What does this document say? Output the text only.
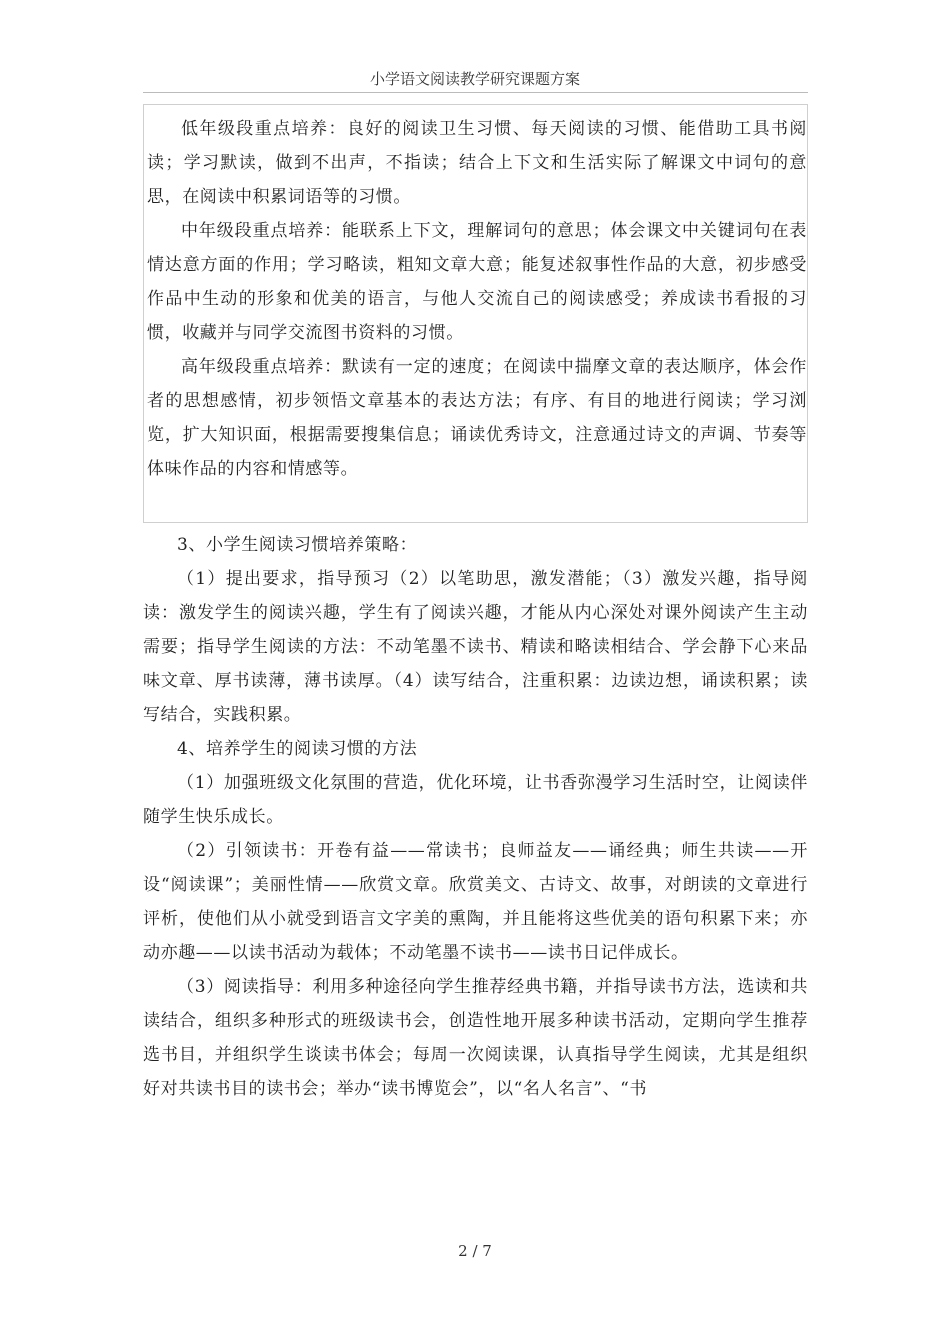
小学语文阅读教学研究课题方案

低年级段重点培养：良好的阅读卫生习惯、每天阅读的习惯、能借助工具书阅读；学习默读，做到不出声，不指读；结合上下文和生活实际了解课文中词句的意思，在阅读中积累词语等的习惯。

中年级段重点培养：能联系上下文，理解词句的意思；体会课文中关键词句在表情达意方面的作用；学习略读，粗知文章大意；能复述叙事性作品的大意，初步感受作品中生动的形象和优美的语言，与他人交流自己的阅读感受；养成读书看报的习惯，收藏并与同学交流图书资料的习惯。

高年级段重点培养：默读有一定的速度；在阅读中揣摩文章的表达顺序，体会作者的思想感情，初步领悟文章基本的表达方法；有序、有目的地进行阅读；学习浏览，扩大知识面，根据需要搜集信息；诵读优秀诗文，注意通过诗文的声调、节奏等体味作品的内容和情感等。

3、小学生阅读习惯培养策略：

（1）提出要求，指导预习（2）以笔助思，激发潜能；（3）激发兴趣，指导阅读：激发学生的阅读兴趣，学生有了阅读兴趣，才能从内心深处对课外阅读产生主动需要；指导学生阅读的方法：不动笔墨不读书、精读和略读相结合、学会静下心来品味文章、厚书读薄，薄书读厚。（4）读写结合，注重积累：边读边想，诵读积累；读写结合，实践积累。

4、培养学生的阅读习惯的方法

（1）加强班级文化氛围的营造，优化环境，让书香弥漫学习生活时空，让阅读伴随学生快乐成长。

（2）引领读书：开卷有益——常读书；良师益友——诵经典；师生共读——开设“阅读课”；美丽性情——欣赏文章。欣赏美文、古诗文、故事，对朗读的文章进行评析，使他们从小就受到语言文字美的熏陶，并且能将这些优美的语句积累下来；亦动亦趣——以读书活动为载体；不动笔墨不读书——读书日记伴成长。

（3）阅读指导：利用多种途径向学生推荐经典书籍，并指导读书方法，选读和共读结合，组织多种形式的班级读书会，创造性地开展多种读书活动，定期向学生推荐选书目，并组织学生谈读书体会；每周一次阅读课，认真指导学生阅读，尤其是组织好对共读书目的读书会；举办“读书博览会”，以“名人名言”、“书

2 / 7
